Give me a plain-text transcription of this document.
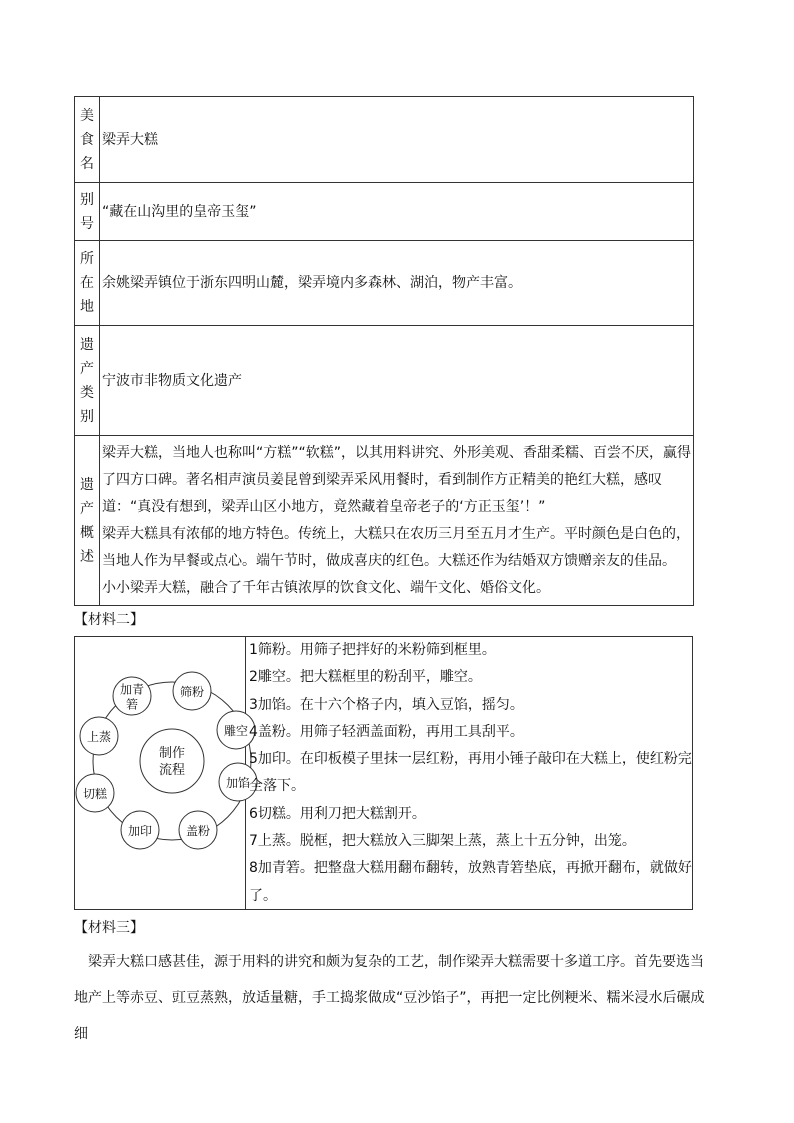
美食名	梁弄大糕
别号	“藏在山沟里的皇帝玉玺”
所在地	余姚梁弄镇位于浙东四明山麓，梁弄境内多森林、湖泊，物产丰富。
遗产类别	宁波市非物质文化遗产
遗产概述	梁弄大糕，当地人也称叫“方糕”“软糕”，以其用料讲究、外形美观、香甜柔糯、百尝不厌，赢得了四方口碑。著名相声演员姜昆曾到梁弄采风用餐时，看到制作方正精美的艳红大糕，感叹道：“真没有想到，梁弄山区小地方，竟然藏着皇帝老子的‘方正玉玺’！”

梁弄大糕具有浓郁的地方特色。传统上，大糕只在农历三月至五月才生产。平时颜色是白色的，当地人作为早餐或点心。端午节时，做成喜庆的红色。大糕还作为结婚双方馈赠亲友的佳品。

小小梁弄大糕，融合了千年古镇浓厚的饮食文化、端午文化、婚俗文化。

【材料二】
制作
流程
筛粉
雕空
加馅
盖粉
加印
切糕
上蒸
加青
箬

1筛粉。用筛子把拌好的米粉筛到框里。

2雕空。把大糕框里的粉刮平，雕空。

3加馅。在十六个格子内，填入豆馅，摇匀。

4盖粉。用筛子轻洒盖面粉，再用工具刮平。

5加印。在印板模子里抹一层红粉，再用小锤子敲印在大糕上，使红粉完全落下。

6切糕。用利刀把大糕割开。

7上蒸。脱框，把大糕放入三脚架上蒸，蒸上十五分钟，出笼。

8加青箬。把整盘大糕用翻布翻转，放熟青箬垫底，再掀开翻布，就做好了。

【材料三】

梁弄大糕口感甚佳，源于用料的讲究和颇为复杂的工艺，制作梁弄大糕需要十多道工序。首先要选当地产上等赤豆、豇豆蒸熟，放适量糖，手工捣浆做成“豆沙馅子”，再把一定比例粳米、糯米浸水后碾成细
